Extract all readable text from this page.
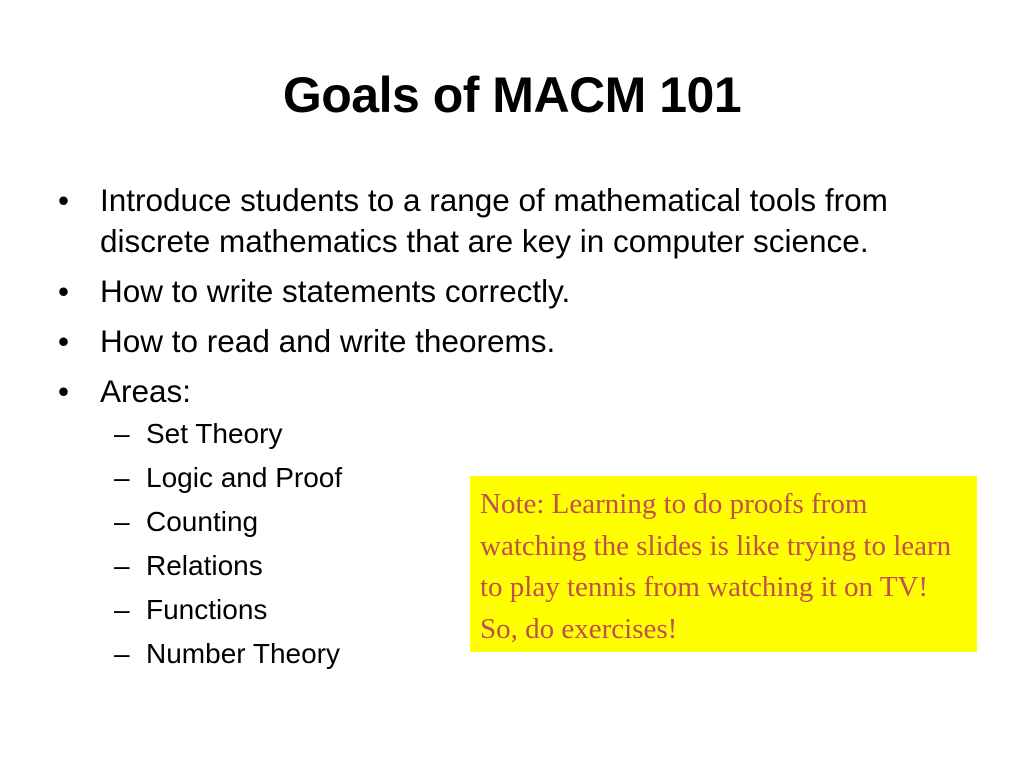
Goals of MACM 101
• Introduce students to a range of mathematical tools from discrete mathematics that are key in computer science.
• How to write statements correctly.
• How to read and write theorems.
• Areas:
– Set Theory
– Logic and Proof
– Counting
– Relations
– Functions
– Number Theory
Note: Learning to do proofs from watching the slides is like trying to learn to play tennis from watching it on TV! So, do exercises!
